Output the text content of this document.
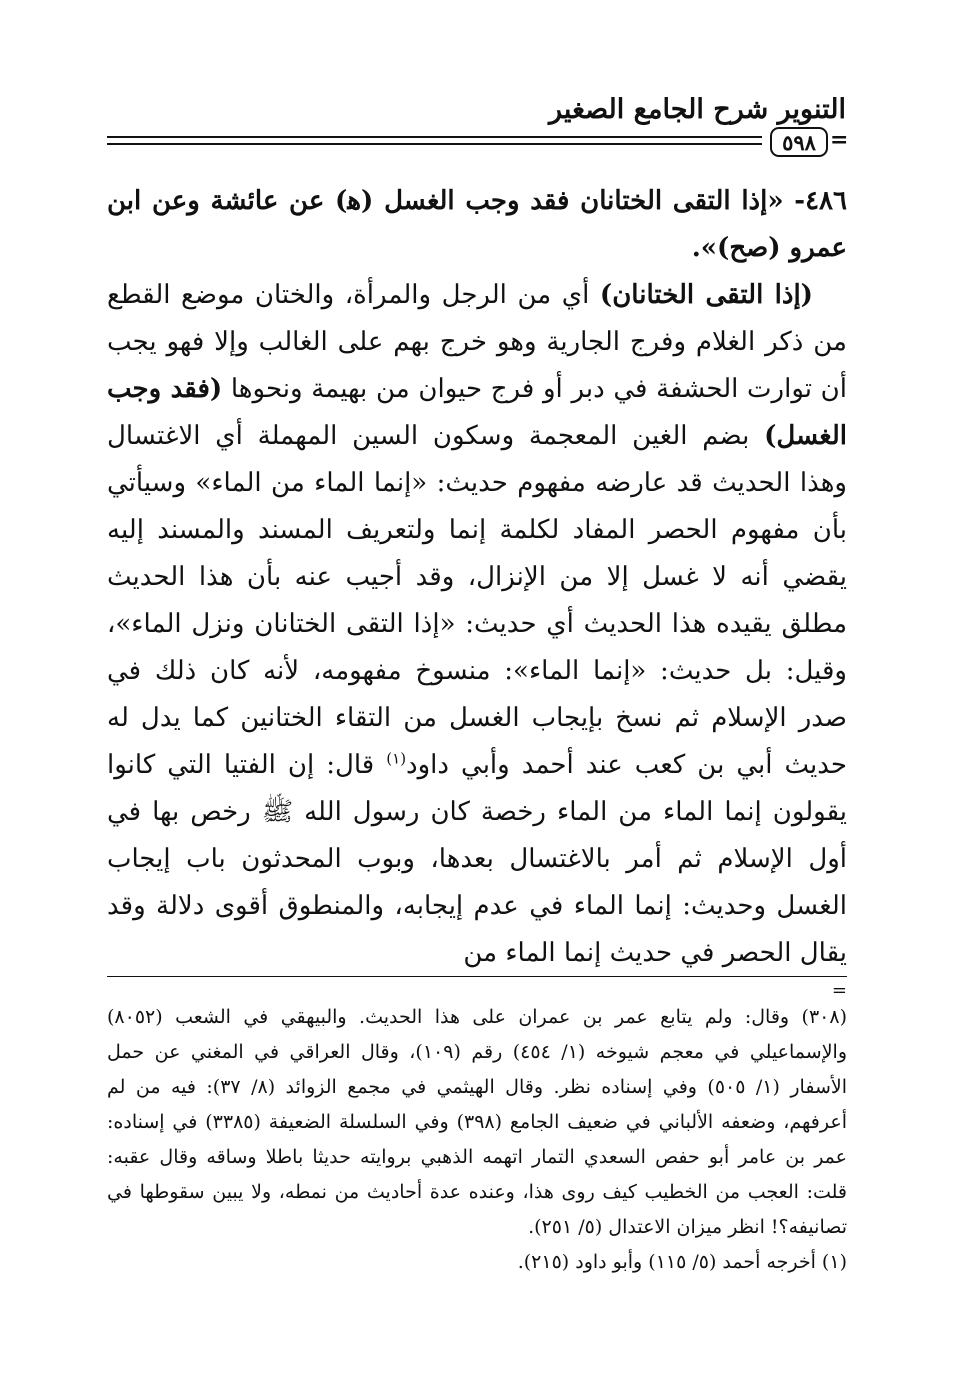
التنوير شرح الجامع الصغير
٥٩٨ =

٤٨٦- «إذا التقى الختانان فقد وجب الغسل (ه‍) عن عائشة وعن ابن عمرو (صح)».

(إذا التقى الختانان) أي من الرجل والمرأة، والختان موضع القطع من ذكر الغلام وفرج الجارية وهو خرج بهم على الغالب وإلا فهو يجب أن توارت الحشفة في دبر أو فرج حيوان من بهيمة ونحوها (فقد وجب الغسل) بضم الغين المعجمة وسكون السين المهملة أي الاغتسال وهذا الحديث قد عارضه مفهوم حديث: «إنما الماء من الماء» وسيأتي بأن مفهوم الحصر المفاد لكلمة إنما ولتعريف المسند والمسند إليه يقضي أنه لا غسل إلا من الإنزال، وقد أجيب عنه بأن هذا الحديث مطلق يقيده هذا الحديث أي حديث: «إذا التقى الختانان ونزل الماء»، وقيل: بل حديث: «إنما الماء»: منسوخ مفهومه، لأنه كان ذلك في صدر الإسلام ثم نسخ بإيجاب الغسل من التقاء الختانين كما يدل له حديث أبي بن كعب عند أحمد وأبي داود$^{(١)}$ قال: إن الفتيا التي كانوا يقولون إنما الماء من الماء رخصة كان رسول الله ﷺ رخص بها في أول الإسلام ثم أمر بالاغتسال بعدها، وبوب المحدثون باب إيجاب الغسل وحديث: إنما الماء في عدم إيجابه، والمنطوق أقوى دلالة وقد يقال الحصر في حديث إنما الماء من

=

(٣٠٨) وقال: ولم يتابع عمر بن عمران على هذا الحديث. والبيهقي في الشعب (٨٠٥٢) والإسماعيلي في معجم شيوخه (١/ ٤٥٤) رقم (١٠٩)، وقال العراقي في المغني عن حمل الأسفار (١/ ٥٠٥) وفي إسناده نظر. وقال الهيثمي في مجمع الزوائد (٨/ ٣٧): فيه من لم أعرفهم، وضعفه الألباني في ضعيف الجامع (٣٩٨) وفي السلسلة الضعيفة (٣٣٨٥) في إسناده: عمر بن عامر أبو حفص السعدي التمار اتهمه الذهبي بروايته حديثا باطلا وساقه وقال عقبه: قلت: العجب من الخطيب كيف روى هذا، وعنده عدة أحاديث من نمطه، ولا يبين سقوطها في تصانيفه؟! انظر ميزان الاعتدال (٥/ ٢٥١).

(١) أخرجه أحمد (٥/ ١١٥) وأبو داود (٢١٥).
